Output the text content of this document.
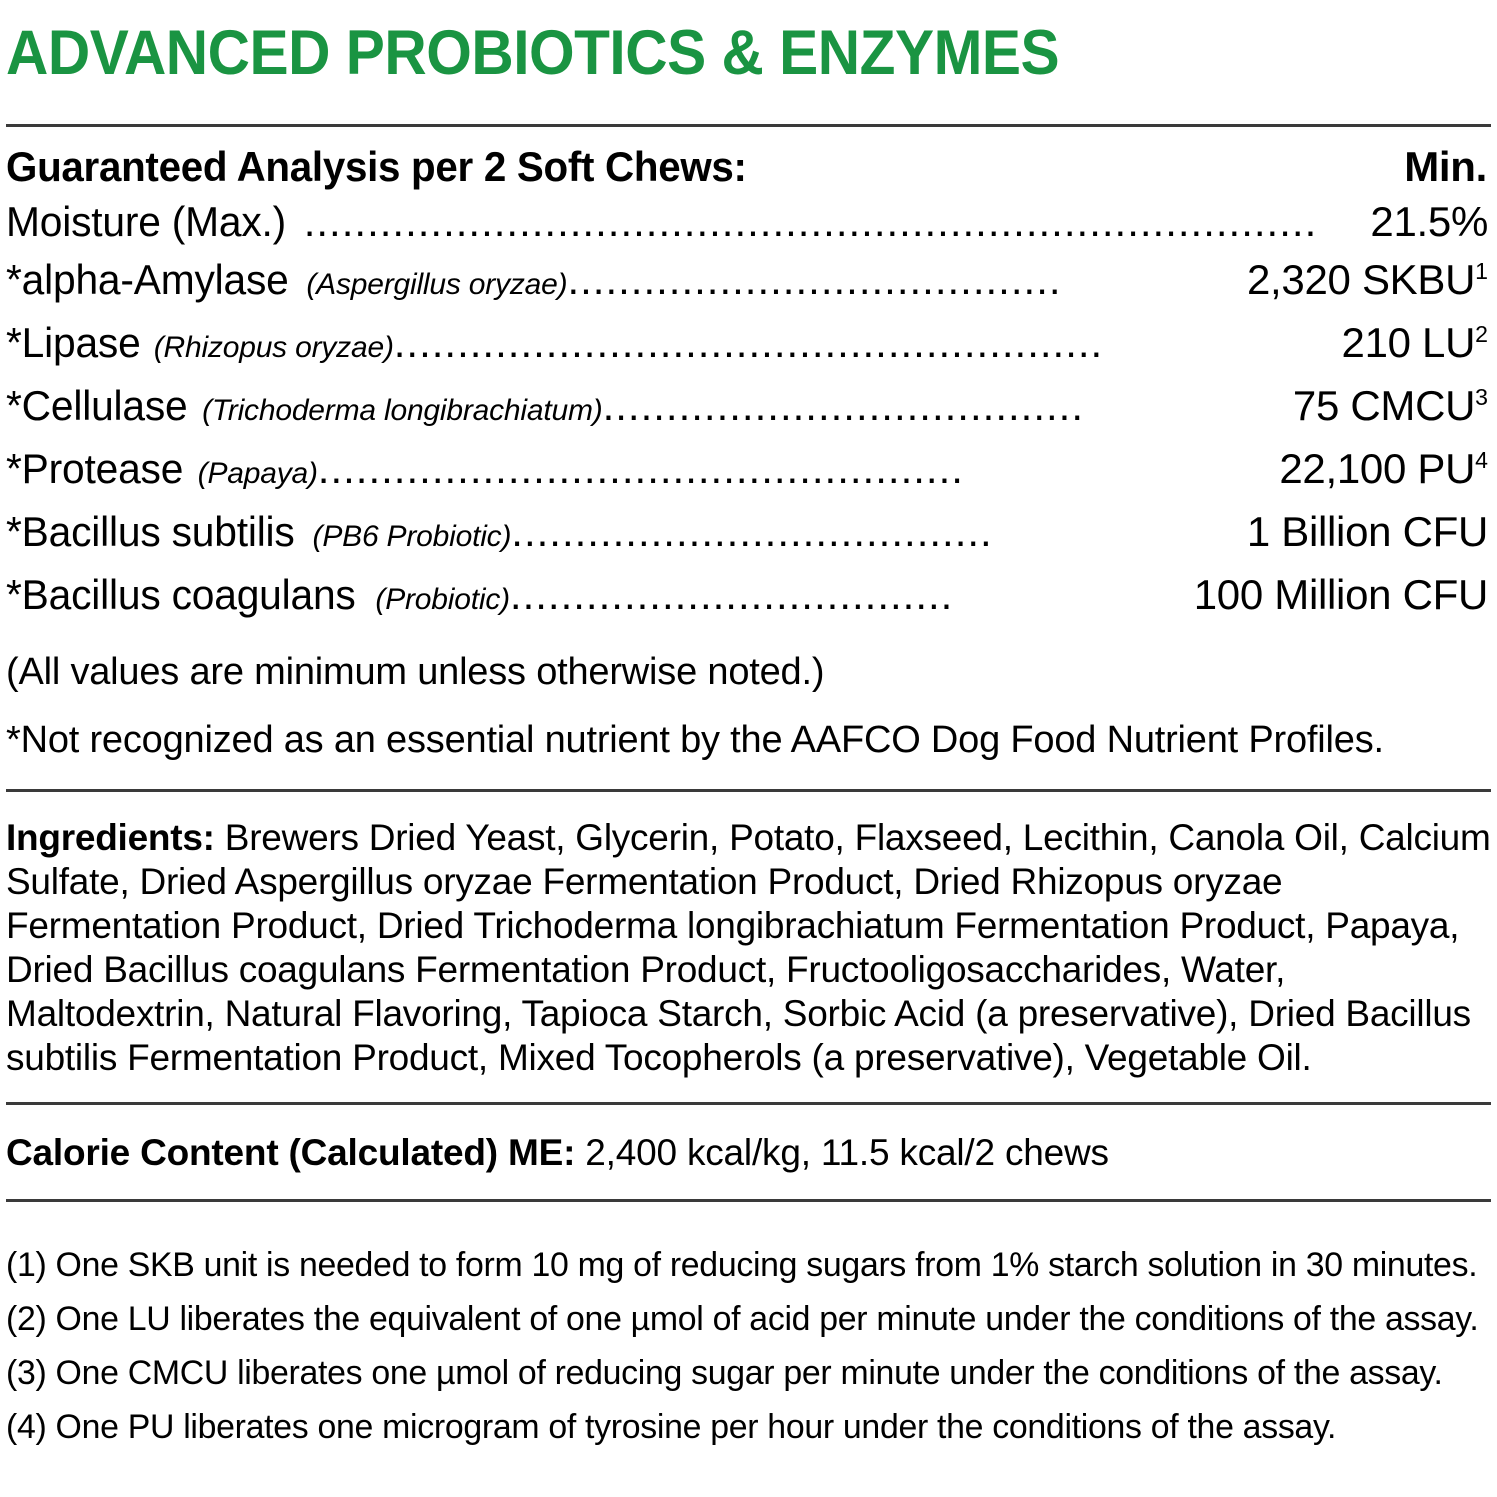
ADVANCED PROBIOTICS & ENZYMES
Guaranteed Analysis per 2 Soft Chews:	Min.
Moisture (Max.) ................................................................................	21.5%
*alpha-Amylase (Aspergillus oryzae) .......................................	2,320 SKBU$^1$
*Lipase (Rhizopus oryzae) ........................................................	210 $LU^2$
*Cellulase (Trichoderma longibrachiatum) ......................................	75 CMCU$^3$
*Protease (Papaya) ...................................................	22,100 $PU^4$
*Bacillus subtilis (PB6 Probiotic) ......................................	1 Billion CFU
*Bacillus coagulans (Probiotic) ...................................	100 Million CFU
(All values are minimum unless otherwise noted.)
*Not recognized as an essential nutrient by the AAFCO Dog Food Nutrient Profiles.
Ingredients: Brewers Dried Yeast, Glycerin, Potato, Flaxseed, Lecithin, Canola Oil, Calcium Sulfate, Dried Aspergillus oryzae Fermentation Product, Dried Rhizopus oryzae Fermentation Product, Dried Trichoderma longibrachiatum Fermentation Product, Papaya, Dried Bacillus coagulans Fermentation Product, Fructooligosaccharides, Water, Maltodextrin, Natural Flavoring, Tapioca Starch, Sorbic Acid (a preservative), Dried Bacillus subtilis Fermentation Product, Mixed Tocopherols (a preservative), Vegetable Oil.
Calorie Content (Calculated) ME: 2,400 kcal/kg, 11.5 kcal/2 chews
(1) One SKB unit is needed to form 10 mg of reducing sugars from 1% starch solution in 30 minutes.
(2) One LU liberates the equivalent of one µmol of acid per minute under the conditions of the assay.
(3) One CMCU liberates one µmol of reducing sugar per minute under the conditions of the assay.
(4) One PU liberates one microgram of tyrosine per hour under the conditions of the assay.
